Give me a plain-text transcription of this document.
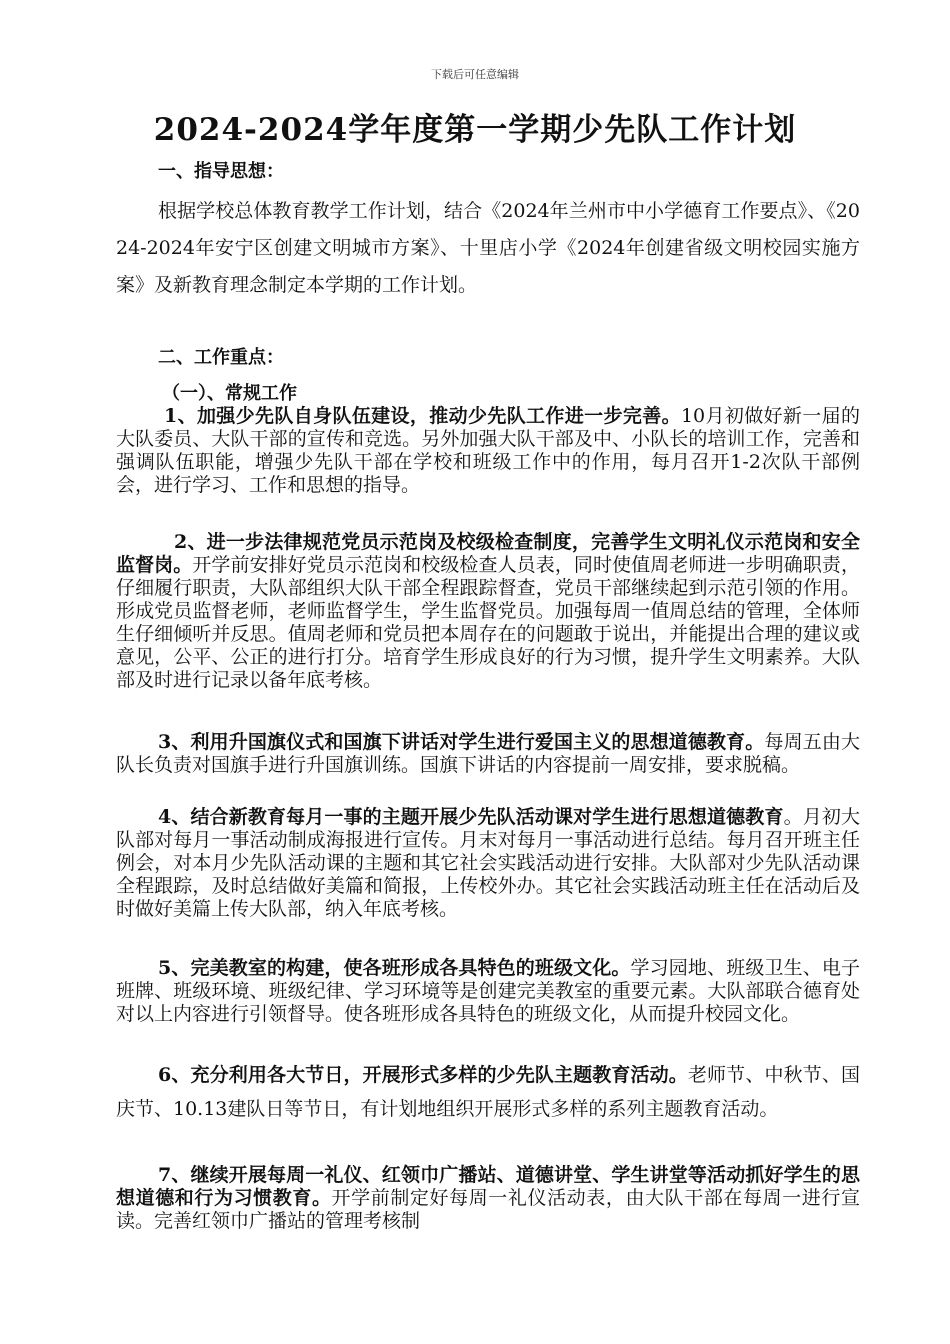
下载后可任意编辑
2024-2024学年度第一学期少先队工作计划
一、指导思想：

根据学校总体教育教学工作计划，结合《2024年兰州市中小学德育工作要点》、《2024-2024年安宁区创建文明城市方案》、十里店小学《2024年创建省级文明校园实施方案》及新教育理念制定本学期的工作计划。

二、工作重点：
（一）、常规工作

1、加强少先队自身队伍建设，推动少先队工作进一步完善。10月初做好新一届的大队委员、大队干部的宣传和竞选。另外加强大队干部及中、小队长的培训工作，完善和强调队伍职能，增强少先队干部在学校和班级工作中的作用，每月召开1-2次队干部例会，进行学习、工作和思想的指导。

2、进一步法律规范党员示范岗及校级检查制度，完善学生文明礼仪示范岗和安全监督岗。开学前安排好党员示范岗和校级检查人员表，同时使值周老师进一步明确职责，仔细履行职责，大队部组织大队干部全程跟踪督查，党员干部继续起到示范引领的作用。形成党员监督老师，老师监督学生，学生监督党员。加强每周一值周总结的管理，全体师生仔细倾听并反思。值周老师和党员把本周存在的问题敢于说出，并能提出合理的建议或意见，公平、公正的进行打分。培育学生形成良好的行为习惯，提升学生文明素养。大队部及时进行记录以备年底考核。

3、利用升国旗仪式和国旗下讲话对学生进行爱国主义的思想道德教育。每周五由大队长负责对国旗手进行升国旗训练。国旗下讲话的内容提前一周安排，要求脱稿。

4、结合新教育每月一事的主题开展少先队活动课对学生进行思想道德教育。月初大队部对每月一事活动制成海报进行宣传。月末对每月一事活动进行总结。每月召开班主任例会，对本月少先队活动课的主题和其它社会实践活动进行安排。大队部对少先队活动课全程跟踪，及时总结做好美篇和简报，上传校外办。其它社会实践活动班主任在活动后及时做好美篇上传大队部，纳入年底考核。

5、完美教室的构建，使各班形成各具特色的班级文化。学习园地、班级卫生、电子班牌、班级环境、班级纪律、学习环境等是创建完美教室的重要元素。大队部联合德育处对以上内容进行引领督导。使各班形成各具特色的班级文化，从而提升校园文化。

6、充分利用各大节日，开展形式多样的少先队主题教育活动。老师节、中秋节、国庆节、10.13建队日等节日，有计划地组织开展形式多样的系列主题教育活动。

7、继续开展每周一礼仪、红领巾广播站、道德讲堂、学生讲堂等活动抓好学生的思想道德和行为习惯教育。开学前制定好每周一礼仪活动表，由大队干部在每周一进行宣读。完善红领巾广播站的管理考核制
